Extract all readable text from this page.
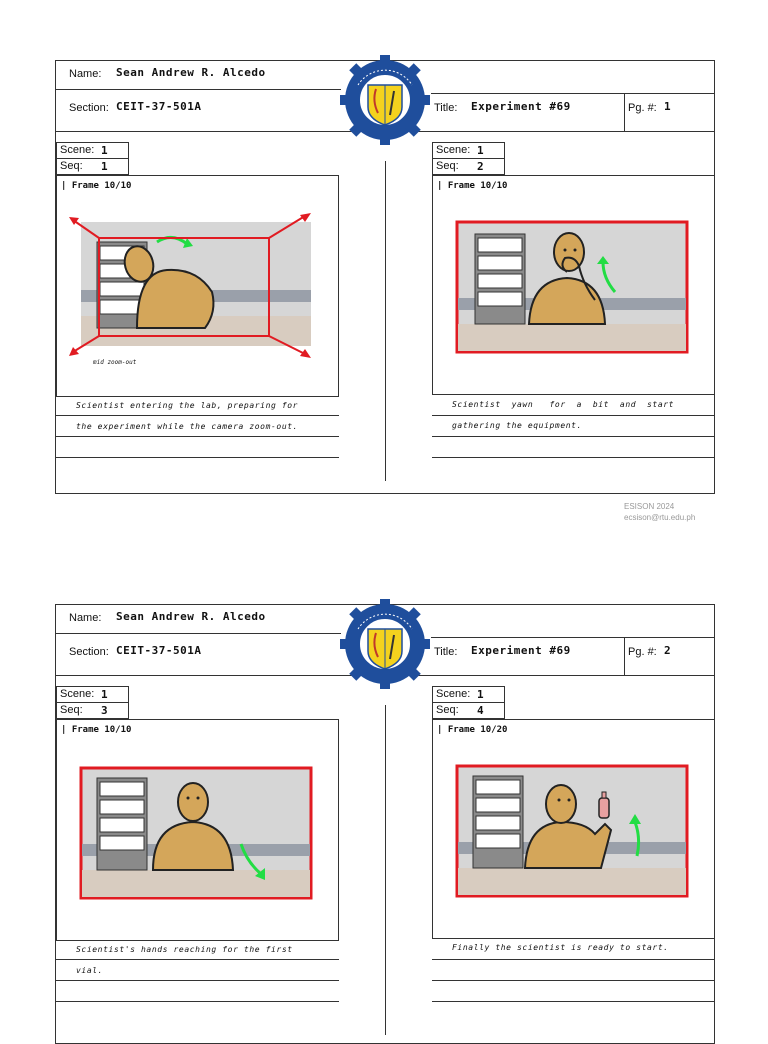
Name: Sean Andrew R. Alcedo
Section: CEIT-37-501A	Title: Experiment #69	Pg. #: 1
Scene: 1
Seq: 1
| Frame 10/10
mid zoom-out
Scientist entering the lab, preparing for
the experiment while the camera zoom-out.
Scene: 1
Seq: 2
| Frame 10/10
Scientist  yawn   for  a  bit  and  start
gathering the equipment.
ESISON 2024
ecsison@rtu.edu.ph
Name: Sean Andrew R. Alcedo
Section: CEIT-37-501A	Title: Experiment #69	Pg. #: 2
Scene: 1
Seq: 3
| Frame 10/10
Scientist's hands reaching for the first
vial.
Scene: 1
Seq: 4
| Frame 10/20
Finally the scientist is ready to start.
